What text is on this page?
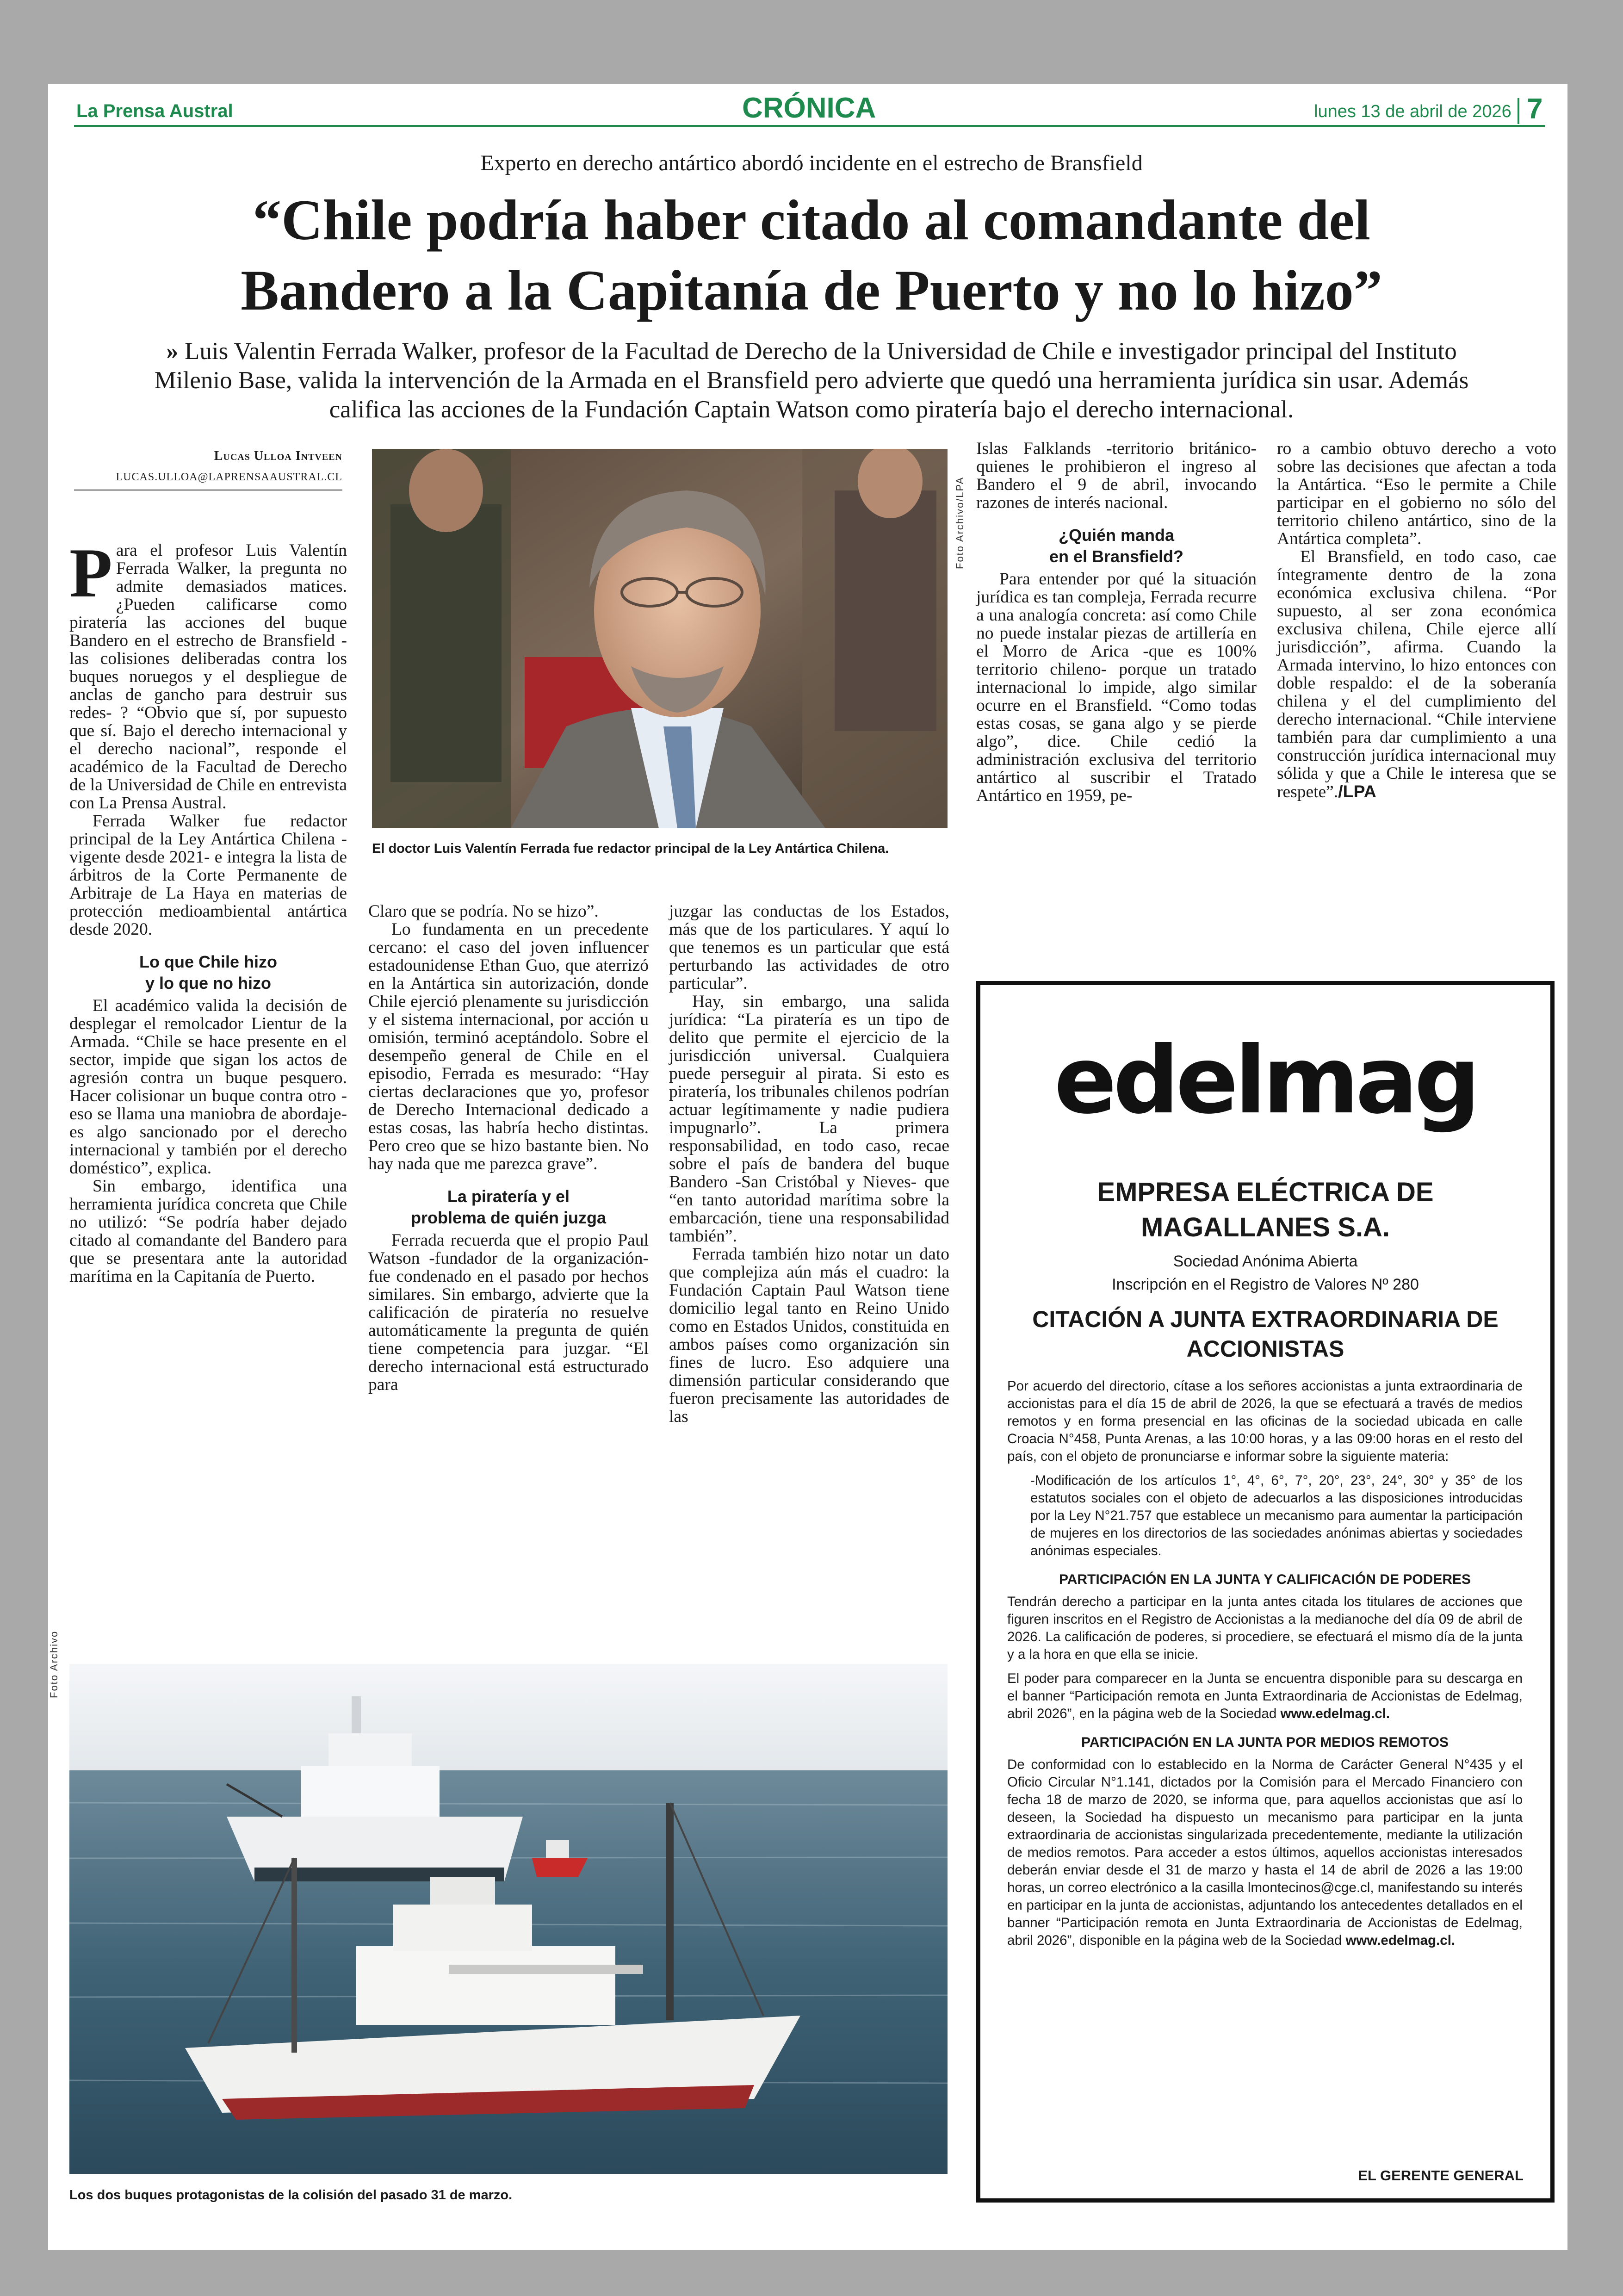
La Prensa Austral	CRÓNICA	lunes 13 de abril de 2026 7
Experto en derecho antártico abordó incidente en el estrecho de Bransfield
“Chile podría haber citado al comandante del
Bandero a la Capitanía de Puerto y no lo hizo”
» Luis Valentin Ferrada Walker, profesor de la Facultad de Derecho de la Universidad de Chile e investigador principal del Instituto Milenio Base, valida la intervención de la Armada en el Bransfield pero advierte que quedó una herramienta jurídica sin usar. Además califica las acciones de la Fundación Captain Watson como piratería bajo el derecho internacional.
Lucas Ulloa Intveen
LUCAS.ULLOA@LAPRENSAAUSTRAL.CL

Para el profesor Luis Valentín Ferrada Walker, la pregunta no admite demasiados matices. ¿Pueden calificarse como piratería las acciones del buque Bandero en el estrecho de Bransfield -las colisiones deliberadas contra los buques noruegos y el despliegue de anclas de gancho para destruir sus redes- ? “Obvio que sí, por supuesto que sí. Bajo el derecho internacional y el derecho nacional”, responde el académico de la Facultad de Derecho de la Universidad de Chile en entrevista con La Prensa Austral.

Ferrada Walker fue redactor principal de la Ley Antártica Chilena -vigente desde 2021- e integra la lista de árbitros de la Corte Permanente de Arbitraje de La Haya en materias de protección medioambiental antártica desde 2020.

Lo que Chile hizo
y lo que no hizo

El académico valida la decisión de desplegar el remolcador Lientur de la Armada. “Chile se hace presente en el sector, impide que sigan los actos de agresión contra un buque pesquero. Hacer colisionar un buque contra otro -eso se llama una maniobra de abordaje- es algo sancionado por el derecho internacional y también por el derecho doméstico”, explica.

Sin embargo, identifica una herramienta jurídica concreta que Chile no utilizó: “Se podría haber dejado citado al comandante del Bandero para que se presentara ante la autoridad marítima en la Capitanía de Puerto.

Foto Archivo/LPA
El doctor Luis Valentín Ferrada fue redactor principal de la Ley Antártica Chilena.

Claro que se podría. No se hizo”.

Lo fundamenta en un precedente cercano: el caso del joven influencer estadounidense Ethan Guo, que aterrizó en la Antártica sin autorización, donde Chile ejerció plenamente su jurisdicción y el sistema internacional, por acción u omisión, terminó aceptándolo. Sobre el desempeño general de Chile en el episodio, Ferrada es mesurado: “Hay ciertas declaraciones que yo, profesor de Derecho Internacional dedicado a estas cosas, las habría hecho distintas. Pero creo que se hizo bastante bien. No hay nada que me parezca grave”.

La piratería y el
problema de quién juzga

Ferrada recuerda que el propio Paul Watson -fundador de la organización- fue condenado en el pasado por hechos similares. Sin embargo, advierte que la calificación de piratería no resuelve automáticamente la pregunta de quién tiene competencia para juzgar. “El derecho internacional está estructurado para

juzgar las conductas de los Estados, más que de los particulares. Y aquí lo que tenemos es un particular que está perturbando las actividades de otro particular”.

Hay, sin embargo, una salida jurídica: “La piratería es un tipo de delito que permite el ejercicio de la jurisdicción universal. Cualquiera puede perseguir al pirata. Si esto es piratería, los tribunales chilenos podrían actuar legítimamente y nadie pudiera impugnarlo”. La primera responsabilidad, en todo caso, recae sobre el país de bandera del buque Bandero -San Cristóbal y Nieves- que “en tanto autoridad marítima sobre la embarcación, tiene una responsabilidad también”.

Ferrada también hizo notar un dato que complejiza aún más el cuadro: la Fundación Captain Paul Watson tiene domicilio legal tanto en Reino Unido como en Estados Unidos, constituida en ambos países como organización sin fines de lucro. Eso adquiere una dimensión particular considerando que fueron precisamente las autoridades de las

Islas Falklands -territorio británico- quienes le prohibieron el ingreso al Bandero el 9 de abril, invocando razones de interés nacional.

¿Quién manda
en el Bransfield?

Para entender por qué la situación jurídica es tan compleja, Ferrada recurre a una analogía concreta: así como Chile no puede instalar piezas de artillería en el Morro de Arica -que es 100% territorio chileno- porque un tratado internacional lo impide, algo similar ocurre en el Bransfield. “Como todas estas cosas, se gana algo y se pierde algo”, dice. Chile cedió la administración exclusiva del territorio antártico al suscribir el Tratado Antártico en 1959, pe-

ro a cambio obtuvo derecho a voto sobre las decisiones que afectan a toda la Antártica. “Eso le permite a Chile participar en el gobierno no sólo del territorio chileno antártico, sino de la Antártica completa”.

El Bransfield, en todo caso, cae íntegramente dentro de la zona económica exclusiva chilena. “Por supuesto, al ser zona económica exclusiva chilena, Chile ejerce allí jurisdicción”, afirma. Cuando la Armada intervino, lo hizo entonces con doble respaldo: el de la soberanía chilena y el del cumplimiento del derecho internacional. “Chile interviene también para dar cumplimiento a una construcción jurídica internacional muy sólida y que a Chile le interesa que se respete”./LPA

Foto Archivo
Los dos buques protagonistas de la colisión del pasado 31 de marzo.
edelmag
EMPRESA ELÉCTRICA DE
MAGALLANES S.A.
Sociedad Anónima Abierta
Inscripción en el Registro de Valores Nº 280
CITACIÓN A JUNTA EXTRAORDINARIA DE
ACCIONISTAS

Por acuerdo del directorio, cítase a los señores accionistas a junta extraordinaria de accionistas para el día 15 de abril de 2026, la que se efectuará a través de medios remotos y en forma presencial en las oficinas de la sociedad ubicada en calle Croacia N°458, Punta Arenas, a las 10:00 horas, y a las 09:00 horas en el resto del país, con el objeto de pronunciarse e informar sobre la siguiente materia:

-Modificación de los artículos 1°, 4°, 6°, 7°, 20°, 23°, 24°, 30° y 35° de los estatutos sociales con el objeto de adecuarlos a las disposiciones introducidas por la Ley N°21.757 que establece un mecanismo para aumentar la participación de mujeres en los directorios de las sociedades anónimas abiertas y sociedades anónimas especiales.

PARTICIPACIÓN EN LA JUNTA Y CALIFICACIÓN DE PODERES

Tendrán derecho a participar en la junta antes citada los titulares de acciones que figuren inscritos en el Registro de Accionistas a la medianoche del día 09 de abril de 2026. La calificación de poderes, si procediere, se efectuará el mismo día de la junta y a la hora en que ella se inicie.

El poder para comparecer en la Junta se encuentra disponible para su descarga en el banner “Participación remota en Junta Extraordinaria de Accionistas de Edelmag, abril 2026”, en la página web de la Sociedad www.edelmag.cl.

PARTICIPACIÓN EN LA JUNTA POR MEDIOS REMOTOS

De conformidad con lo establecido en la Norma de Carácter General N°435 y el Oficio Circular N°1.141, dictados por la Comisión para el Mercado Financiero con fecha 18 de marzo de 2020, se informa que, para aquellos accionistas que así lo deseen, la Sociedad ha dispuesto un mecanismo para participar en la junta extraordinaria de accionistas singularizada precedentemente, mediante la utilización de medios remotos. Para acceder a estos últimos, aquellos accionistas interesados deberán enviar desde el 31 de marzo y hasta el 14 de abril de 2026 a las 19:00 horas, un correo electrónico a la casilla lmontecinos@cge.cl, manifestando su interés en participar en la junta de accionistas, adjuntando los antecedentes detallados en el banner “Participación remota en Junta Extraordinaria de Accionistas de Edelmag, abril 2026”, disponible en la página web de la Sociedad www.edelmag.cl.

EL GERENTE GENERAL
